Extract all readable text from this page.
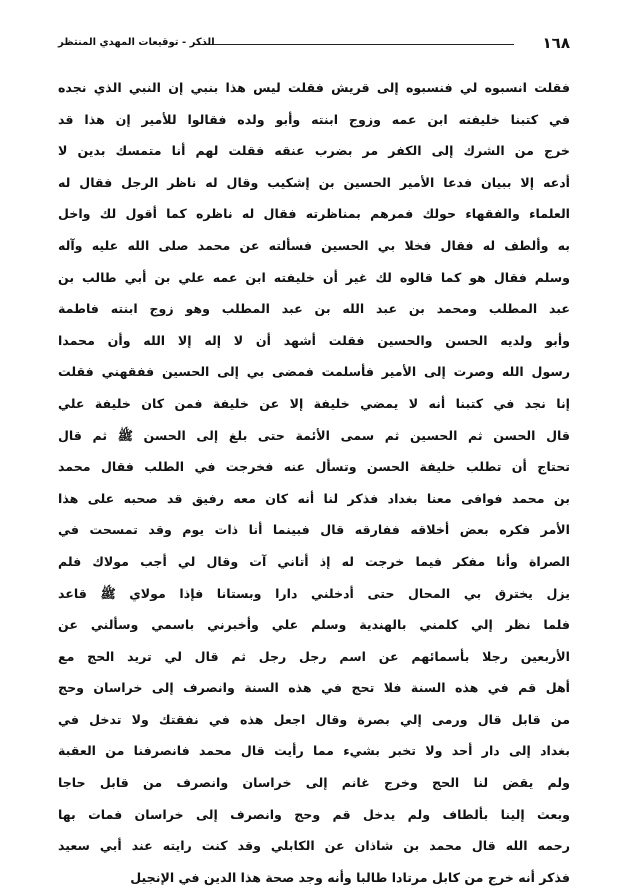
١٦٨
الذكر - توقيعات المهدي المنتظر
فقلت انسبوه لي فنسبوه إلى قريش فقلت ليس هذا بنبي إن النبي الذي نجده
في كتبنا خليفته ابن عمه وزوج ابنته وأبو ولده فقالوا للأمير إن هذا قد
خرج من الشرك إلى الكفر مر بضرب عنقه فقلت لهم أنا متمسك بدين لا
أدعه إلا ببيان فدعا الأمير الحسين بن إشكيب وقال له ناظر الرجل فقال له
العلماء والفقهاء حولك فمرهم بمناظرته فقال له ناظره كما أقول لك واخل
به وألطف له فقال فخلا بي الحسين فسألته عن محمد صلى الله عليه وآله
وسلم فقال هو كما قالوه لك غير أن خليفته ابن عمه علي بن أبي طالب بن
عبد المطلب ومحمد بن عبد الله بن عبد المطلب وهو زوج ابنته فاطمة
وأبو ولديه الحسن والحسين فقلت أشهد أن لا إله إلا الله وأن محمدا
رسول الله وصرت إلى الأمير فأسلمت فمضى بي إلى الحسين ففقهني فقلت
إنا نجد في كتبنا أنه لا يمضي خليفة إلا عن خليفة فمن كان خليفة علي
قال الحسن ثم الحسين ثم سمى الأئمة حتى بلغ إلى الحسن ﷺ ثم قال
تحتاج أن تطلب خليفة الحسن وتسأل عنه فخرجت في الطلب فقال محمد
بن محمد فوافى معنا بغداد فذكر لنا أنه كان معه رفيق قد صحبه على هذا
الأمر فكره بعض أخلاقه ففارقه قال فبينما أنا ذات يوم وقد تمسحت في
الصراة وأنا مفكر فيما خرجت له إذ أتاني آت وقال لي أجب مولاك فلم
يزل يخترق بي المحال حتى أدخلني دارا وبستانا فإذا مولاي ﷺ قاعد
فلما نظر إلي كلمني بالهندية وسلم علي وأخبرني باسمي وسألني عن
الأربعين رجلا بأسمائهم عن اسم رجل رجل ثم قال لي تريد الحج مع
أهل قم في هذه السنة فلا تحج في هذه السنة وانصرف إلى خراسان وحج
من قابل قال ورمى إلي بصرة وقال اجعل هذه في نفقتك ولا تدخل في
بغداد إلى دار أحد ولا تخبر بشيء مما رأيت قال محمد فانصرفنا من العقبة
ولم يقض لنا الحج وخرج غانم إلى خراسان وانصرف من قابل حاجا
وبعث إلينا بألطاف ولم يدخل قم وحج وانصرف إلى خراسان فمات بها
رحمه الله قال محمد بن شاذان عن الكابلي وقد كنت رايته عند أبي سعيد
فذكر أنه خرج من كابل مرتادا طالبا وأنه وجد صحة هذا الدين في الإنجيل
